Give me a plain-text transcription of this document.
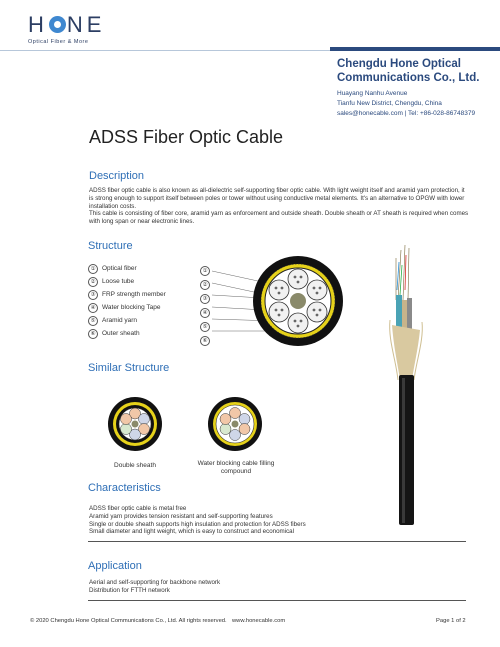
H NE
Optical Fiber & More
Chengdu Hone Optical
Communications Co., Ltd.
Huayang Nanhu Avenue
Tianfu New District, Chengdu, China
sales@honecable.com | Tel: +86-028-86748379
ADSS Fiber Optic Cable
Description
ADSS fiber optic cable is also known as all-dielectric self-supporting fiber optic cable. With light weight itself and aramid yarn protection, it is strong enough to support itself between poles or tower without using conductive metal elements. It's an alternative to OPGW with lower installation costs.
This cable is consisting of fiber core, aramid yarn as enforcement and outside sheath. Double sheath or AT sheath is required when comes with long span or near electronic lines.
Structure
①	Optical fiber
②	Loose tube
③	FRP strength member
④	Water blocking Tape
⑤	Aramid yarn
⑥	Outer sheath
①
②
③
④
⑤
⑥
Similar Structure
Double sheath	Water blocking cable filling
compound
Characteristics
ADSS fiber optic cable is metal free
Aramid yarn provides tension resistant and self-supporting features
Single or double sheath supports high insulation and protection for ADSS fibers
Small diameter and light weight, which is easy to construct and economical
Application
Aerial and self-supporting for backbone network
Distribution for FTTH network
© 2020 Chengdu Hone Optical Communications Co., Ltd. All rights reserved. www.honecable.com	Page 1 of 2
